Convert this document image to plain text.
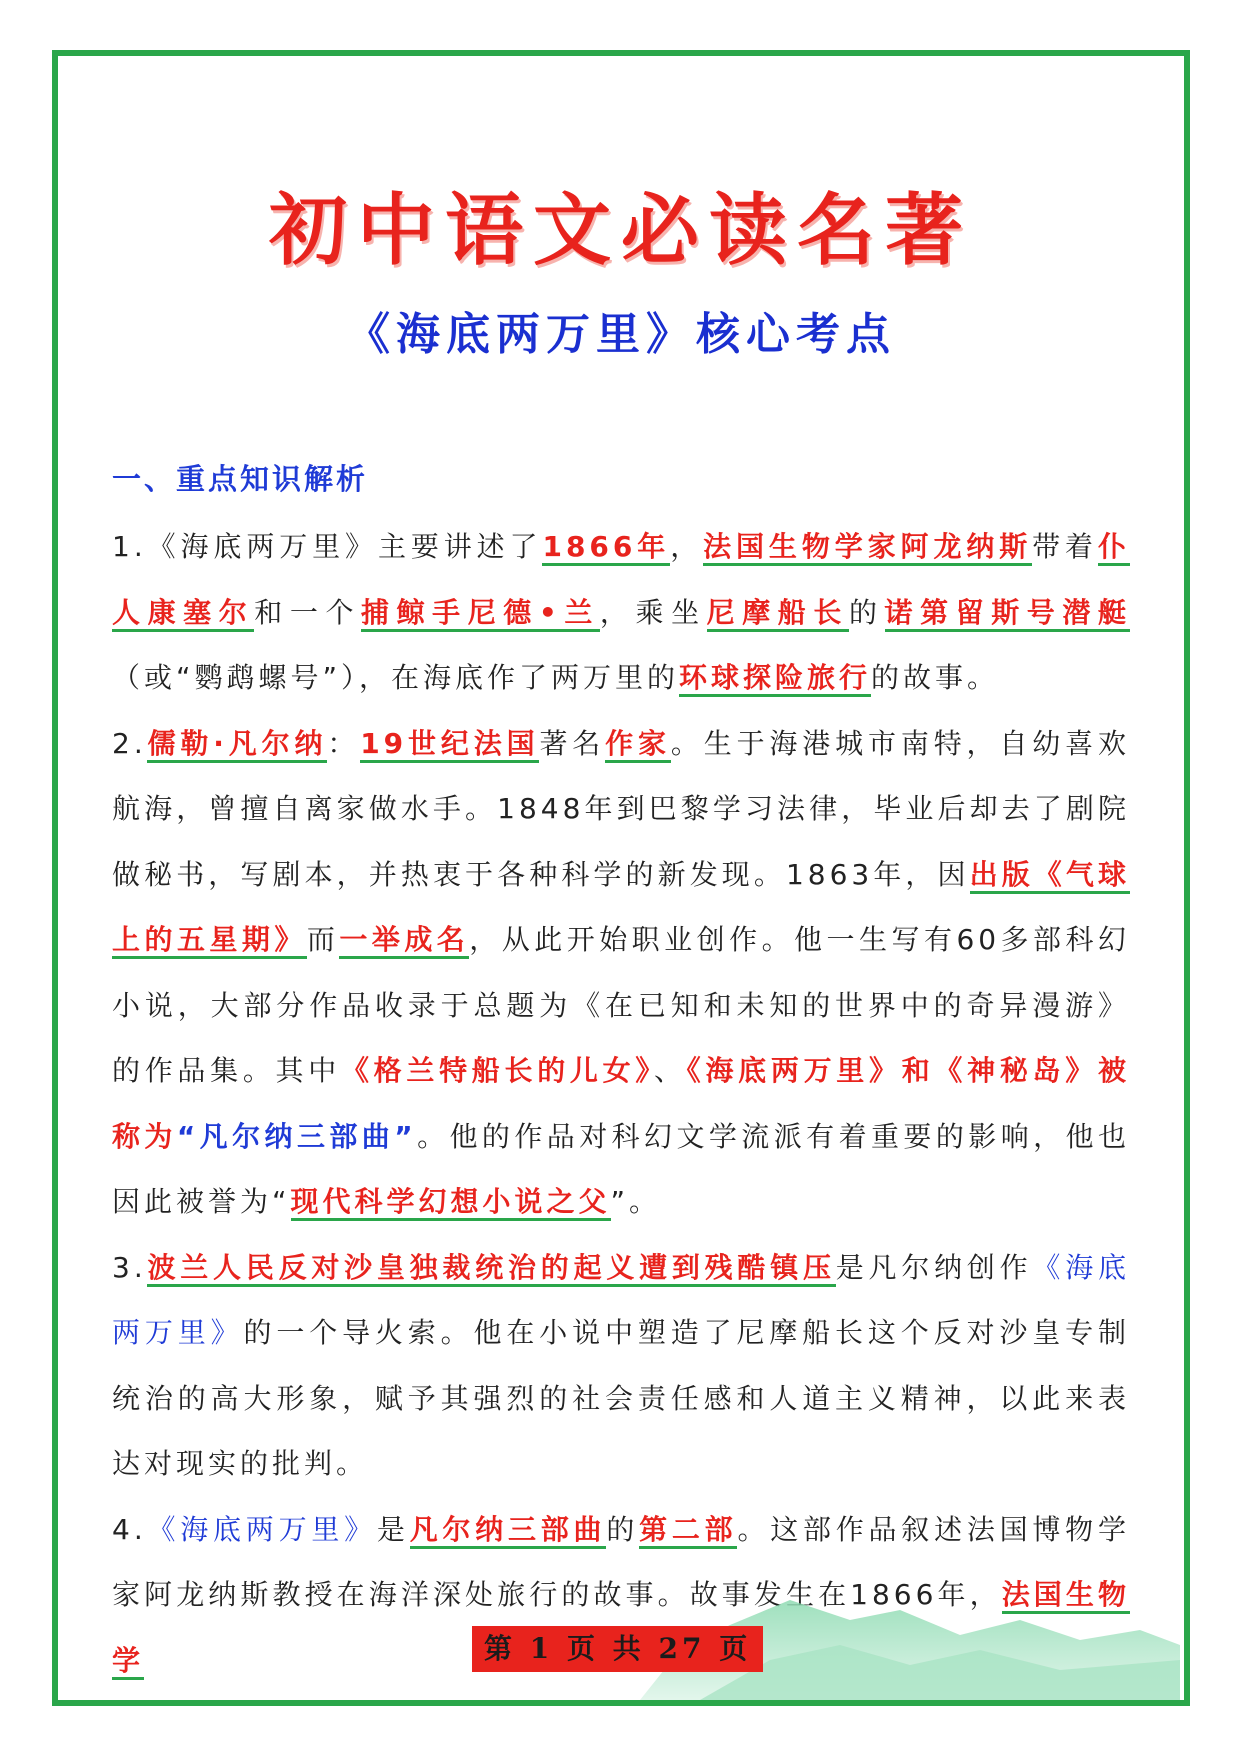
初中语文必读名著
《海底两万里》核心考点
一、重点知识解析
1.《海底两万里》主要讲述了1866年，法国生物学家阿龙纳斯带着仆人康塞尔和一个捕鲸手尼德•兰，乘坐尼摩船长的诺第留斯号潜艇（或“鹦鹉螺号”），在海底作了两万里的环球探险旅行的故事。
2.儒勒·凡尔纳：19世纪法国著名作家。生于海港城市南特，自幼喜欢航海，曾擅自离家做水手。1848年到巴黎学习法律，毕业后却去了剧院做秘书，写剧本，并热衷于各种科学的新发现。1863年，因出版《气球上的五星期》而一举成名，从此开始职业创作。他一生写有60多部科幻小说，大部分作品收录于总题为《在已知和未知的世界中的奇异漫游》的作品集。其中《格兰特船长的儿女》、《海底两万里》和《神秘岛》被称为“凡尔纳三部曲”。他的作品对科幻文学流派有着重要的影响，他也因此被誉为“现代科学幻想小说之父”。
3.波兰人民反对沙皇独裁统治的起义遭到残酷镇压是凡尔纳创作《海底两万里》的一个导火索。他在小说中塑造了尼摩船长这个反对沙皇专制统治的高大形象，赋予其强烈的社会责任感和人道主义精神，以此来表达对现实的批判。
4.《海底两万里》是凡尔纳三部曲的第二部。这部作品叙述法国博物学家阿龙纳斯教授在海洋深处旅行的故事。故事发生在1866年，法国生物学	第 1 页 共 27 页
